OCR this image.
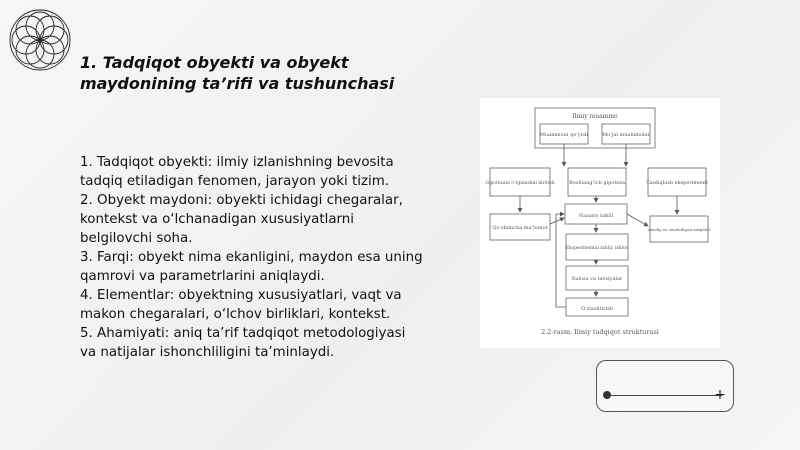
1. Tadqiqot obyekti va obyekt maydonining ta’rifi va tushunchasi

1. Tadqiqot obyekti: ilmiy izlanishning bevosita tadqiq etiladigan fenomen, jarayon yoki tizim.

2. Obyekt maydoni: obyekti ichidagi chegaralar, kontekst va o‘lchanadigan xususiyatlarni belgilovchi soha.

3. Farqi: obyekt nima ekanligini, maydon esa uning qamrovi va parametrlarini aniqlaydi.

4. Elementlar: obyektning xususiyatlari, vaqt va makon chegaralari, o‘lchov birliklari, kontekst.

5. Ahamiyati: aniq ta’rif tadqiqot metodologiyasi va natijalar ishonchliligini ta’minlaydi.

Ilmiy muammo
Muammoni qo‘yish	Mo‘jal muammolar
Gipotezani o‘rganishni kiritish	Boshlang‘ich gipoteza	Tasdiqlash eksperimenti
Nazariy tahlil
Qo‘shimcha ma’lumot	Amaliy va sinaladigan natijalar
Eksperimental tahlil, ishlov
Xulosa va tavsiyalar
O‘zlashtirish
2.2-rasm. Ilmiy tadqiqot strukturasi
+
